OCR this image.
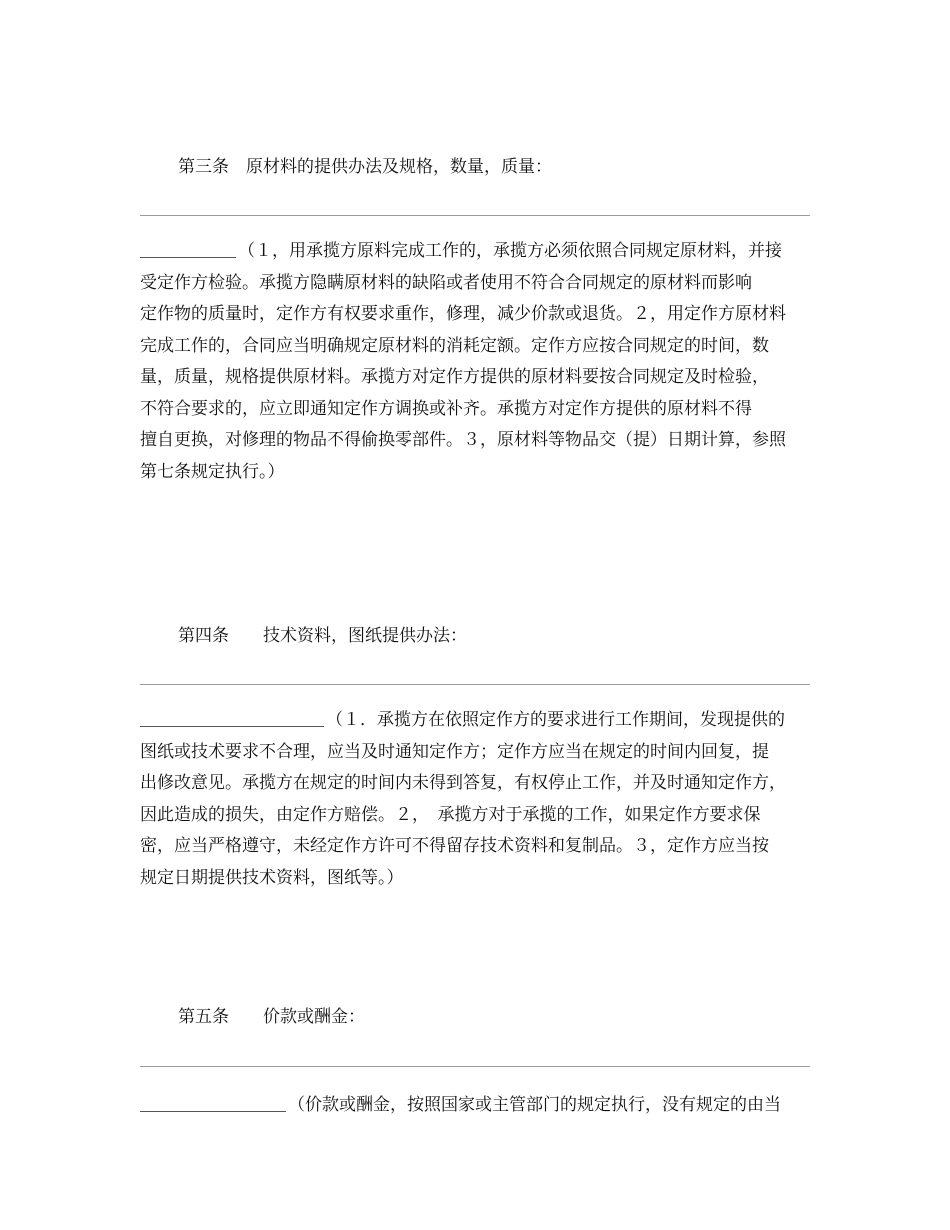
第三条　原材料的提供办法及规格，数量，质量：
（１，用承揽方原料完成工作的，承揽方必须依照合同规定原材料，并接
受定作方检验。承揽方隐瞒原材料的缺陷或者使用不符合合同规定的原材料而影响
定作物的质量时，定作方有权要求重作，修理，减少价款或退货。２，用定作方原材料
完成工作的，合同应当明确规定原材料的消耗定额。定作方应按合同规定的时间，数
量，质量，规格提供原材料。承揽方对定作方提供的原材料要按合同规定及时检验，
不符合要求的，应立即通知定作方调换或补齐。承揽方对定作方提供的原材料不得
擅自更换，对修理的物品不得偷换零部件。３，原材料等物品交（提）日期计算，参照
第七条规定执行。）
第四条　　技术资料，图纸提供办法：
（１．承揽方在依照定作方的要求进行工作期间，发现提供的
图纸或技术要求不合理，应当及时通知定作方；定作方应当在规定的时间内回复，提
出修改意见。承揽方在规定的时间内未得到答复，有权停止工作，并及时通知定作方，
因此造成的损失，由定作方赔偿。２，　承揽方对于承揽的工作，如果定作方要求保
密，应当严格遵守，未经定作方许可不得留存技术资料和复制品。３，定作方应当按
规定日期提供技术资料，图纸等。）
第五条　　价款或酬金：
（价款或酬金，按照国家或主管部门的规定执行，没有规定的由当
